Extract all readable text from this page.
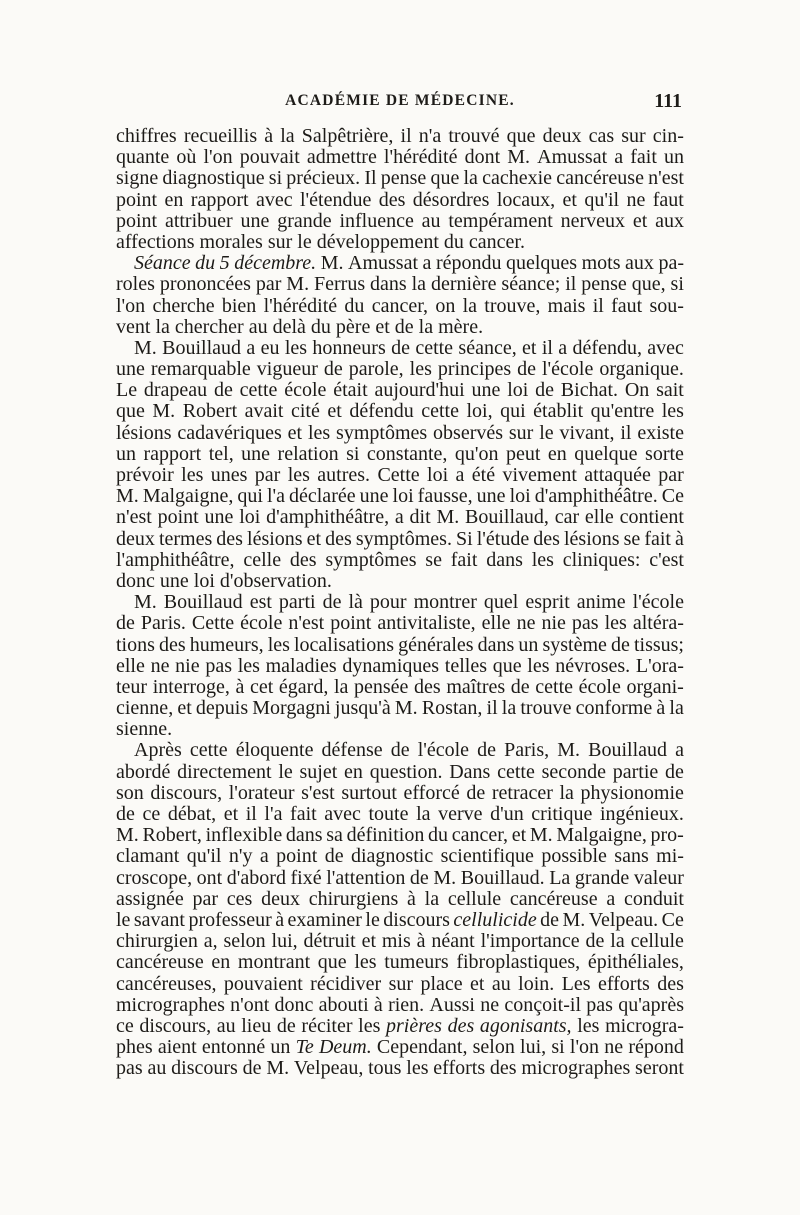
ACADÉMIE DE MÉDECINE.	111
chiffres recueillis à la Salpêtrière, il n'a trouvé que deux cas sur cin-
quante où l'on pouvait admettre l'hérédité dont M. Amussat a fait un
signe diagnostique si précieux. Il pense que la cachexie cancéreuse n'est
point en rapport avec l'étendue des désordres locaux, et qu'il ne faut
point attribuer une grande influence au tempérament nerveux et aux
affections morales sur le développement du cancer.
Séance du 5 décembre. M. Amussat a répondu quelques mots aux pa-
roles prononcées par M. Ferrus dans la dernière séance; il pense que, si
l'on cherche bien l'hérédité du cancer, on la trouve, mais il faut sou-
vent la chercher au delà du père et de la mère.
M. Bouillaud a eu les honneurs de cette séance, et il a défendu, avec
une remarquable vigueur de parole, les principes de l'école organique.
Le drapeau de cette école était aujourd'hui une loi de Bichat. On sait
que M. Robert avait cité et défendu cette loi, qui établit qu'entre les
lésions cadavériques et les symptômes observés sur le vivant, il existe
un rapport tel, une relation si constante, qu'on peut en quelque sorte
prévoir les unes par les autres. Cette loi a été vivement attaquée par
M. Malgaigne, qui l'a déclarée une loi fausse, une loi d'amphithéâtre. Ce
n'est point une loi d'amphithéâtre, a dit M. Bouillaud, car elle contient
deux termes des lésions et des symptômes. Si l'étude des lésions se fait à
l'amphithéâtre, celle des symptômes se fait dans les cliniques: c'est
donc une loi d'observation.
M. Bouillaud est parti de là pour montrer quel esprit anime l'école
de Paris. Cette école n'est point antivitaliste, elle ne nie pas les altéra-
tions des humeurs, les localisations générales dans un système de tissus;
elle ne nie pas les maladies dynamiques telles que les névroses. L'ora-
teur interroge, à cet égard, la pensée des maîtres de cette école organi-
cienne, et depuis Morgagni jusqu'à M. Rostan, il la trouve conforme à la
sienne.
Après cette éloquente défense de l'école de Paris, M. Bouillaud a
abordé directement le sujet en question. Dans cette seconde partie de
son discours, l'orateur s'est surtout efforcé de retracer la physionomie
de ce débat, et il l'a fait avec toute la verve d'un critique ingénieux.
M. Robert, inflexible dans sa définition du cancer, et M. Malgaigne, pro-
clamant qu'il n'y a point de diagnostic scientifique possible sans mi-
croscope, ont d'abord fixé l'attention de M. Bouillaud. La grande valeur
assignée par ces deux chirurgiens à la cellule cancéreuse a conduit
le savant professeur à examiner le discours cellulicide de M. Velpeau. Ce
chirurgien a, selon lui, détruit et mis à néant l'importance de la cellule
cancéreuse en montrant que les tumeurs fibroplastiques, épithéliales,
cancéreuses, pouvaient récidiver sur place et au loin. Les efforts des
micrographes n'ont donc abouti à rien. Aussi ne conçoit-il pas qu'après
ce discours, au lieu de réciter les prières des agonisants, les microgra-
phes aient entonné un Te Deum. Cependant, selon lui, si l'on ne répond
pas au discours de M. Velpeau, tous les efforts des micrographes seront
